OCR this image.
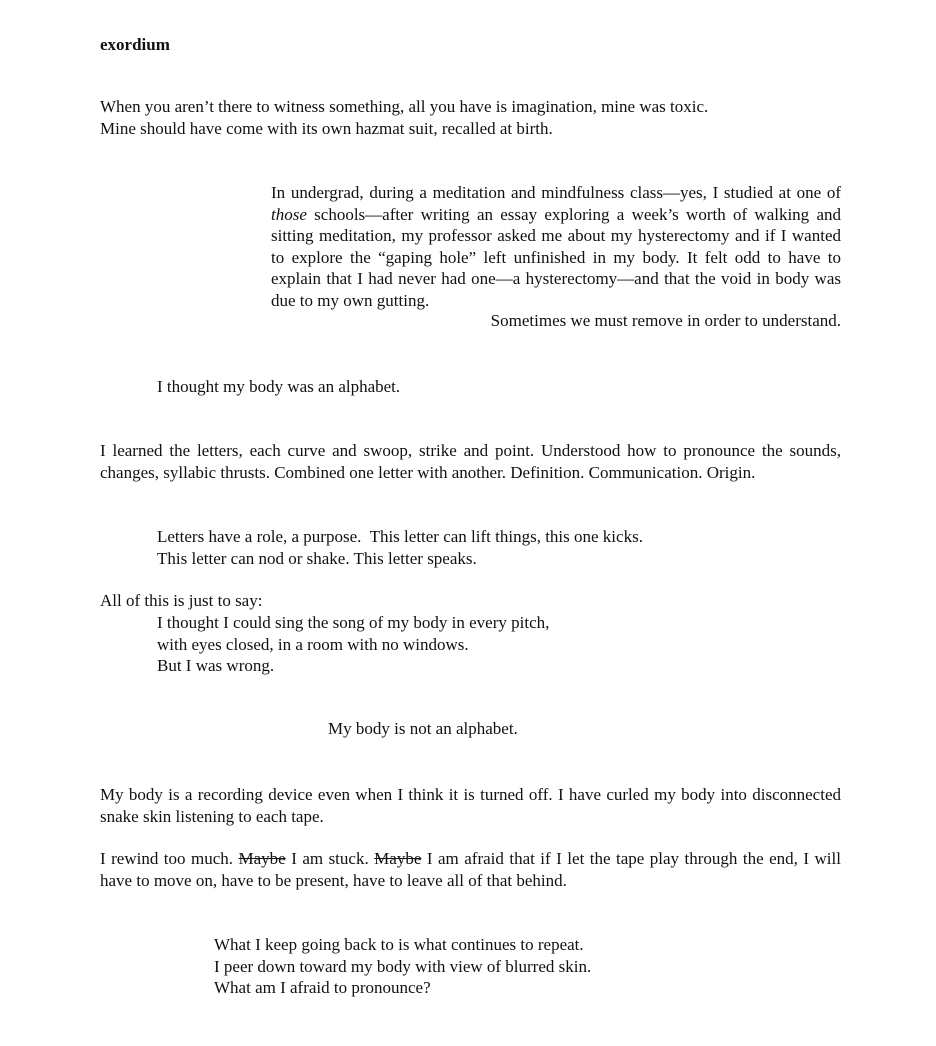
exordium
When you aren’t there to witness something, all you have is imagination, mine was toxic.
Mine should have come with its own hazmat suit, recalled at birth.
In undergrad, during a meditation and mindfulness class—yes, I studied at one of those schools—after writing an essay exploring a week’s worth of walking and sitting meditation, my professor asked me about my hysterectomy and if I wanted to explore the “gaping hole” left unfinished in my body. It felt odd to have to explain that I had never had one—a hysterectomy—and that the void in body was due to my own gutting.
Sometimes we must remove in order to understand.
I thought my body was an alphabet.
I learned the letters, each curve and swoop, strike and point. Understood how to pronounce the sounds, changes, syllabic thrusts. Combined one letter with another. Definition. Communication. Origin.
Letters have a role, a purpose.  This letter can lift things, this one kicks.
This letter can nod or shake. This letter speaks.
All of this is just to say:
I thought I could sing the song of my body in every pitch,
with eyes closed, in a room with no windows.
But I was wrong.
My body is not an alphabet.
My body is a recording device even when I think it is turned off. I have curled my body into disconnected snake skin listening to each tape.
I rewind too much. Maybe I am stuck. Maybe I am afraid that if I let the tape play through the end, I will have to move on, have to be present, have to leave all of that behind.
What I keep going back to is what continues to repeat.
I peer down toward my body with view of blurred skin.
What am I afraid to pronounce?
